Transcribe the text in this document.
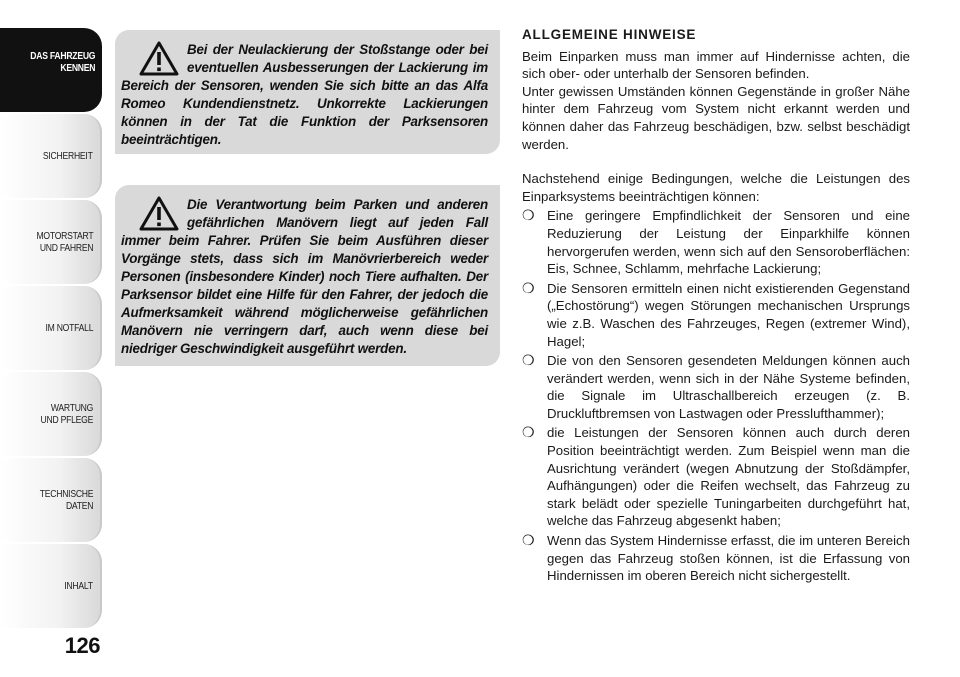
DAS FAHRZEUG
KENNEN
SICHERHEIT
MOTORSTART
UND FAHREN
IM NOTFALL
WARTUNG
UND PFLEGE
TECHNISCHE
DATEN
INHALT
126

Bei der Neulackierung der Stoßstange oder bei eventuellen Ausbesserungen der Lackierung im Bereich der Sensoren, wenden Sie sich bitte an das Alfa Romeo Kundendienstnetz. Unkorrekte Lackierungen können in der Tat die Funktion der Parksensoren beeinträchtigen.

Die Verantwortung beim Parken und anderen gefährlichen Manövern liegt auf jeden Fall immer beim Fahrer. Prüfen Sie beim Ausführen dieser Vorgänge stets, dass sich im Manövrierbereich weder Personen (insbesondere Kinder) noch Tiere aufhalten. Der Parksensor bildet eine Hilfe für den Fahrer, der jedoch die Aufmerksamkeit während möglicherweise gefährlichen Manövern nie verringern darf, auch wenn diese bei niedriger Geschwindigkeit ausgeführt werden.

ALLGEMEINE HINWEISE

Beim Einparken muss man immer auf Hindernisse achten, die sich ober- oder unterhalb der Sensoren befinden.

Unter gewissen Umständen können Gegenstände in großer Nähe hinter dem Fahrzeug vom System nicht erkannt werden und können daher das Fahrzeug beschädigen, bzw. selbst beschädigt werden.

Nachstehend einige Bedingungen, welche die Leistungen des Einparksystems beeinträchtigen können:

❍ Eine geringere Empfindlichkeit der Sensoren und eine Reduzierung der Leistung der Einparkhilfe können hervorgerufen werden, wenn sich auf den Sensoroberflächen: Eis, Schnee, Schlamm, mehrfache Lackierung;
❍ Die Sensoren ermitteln einen nicht existierenden Gegenstand („Echostörung“) wegen Störungen mechanischen Ursprungs wie z.B. Waschen des Fahrzeuges, Regen (extremer Wind), Hagel;
❍ Die von den Sensoren gesendeten Meldungen können auch verändert werden, wenn sich in der Nähe Systeme befinden, die Signale im Ultraschallbereich erzeugen (z. B. Druckluftbremsen von Lastwagen oder Presslufthammer);
❍ die Leistungen der Sensoren können auch durch deren Position beeinträchtigt werden. Zum Beispiel wenn man die Ausrichtung verändert (wegen Abnutzung der Stoßdämpfer, Aufhängungen) oder die Reifen wechselt, das Fahrzeug zu stark belädt oder spezielle Tuningarbeiten durchgeführt hat, welche das Fahrzeug abgesenkt haben;
❍ Wenn das System Hindernisse erfasst, die im unteren Bereich gegen das Fahrzeug stoßen können, ist die Erfassung von Hindernissen im oberen Bereich nicht sichergestellt.
